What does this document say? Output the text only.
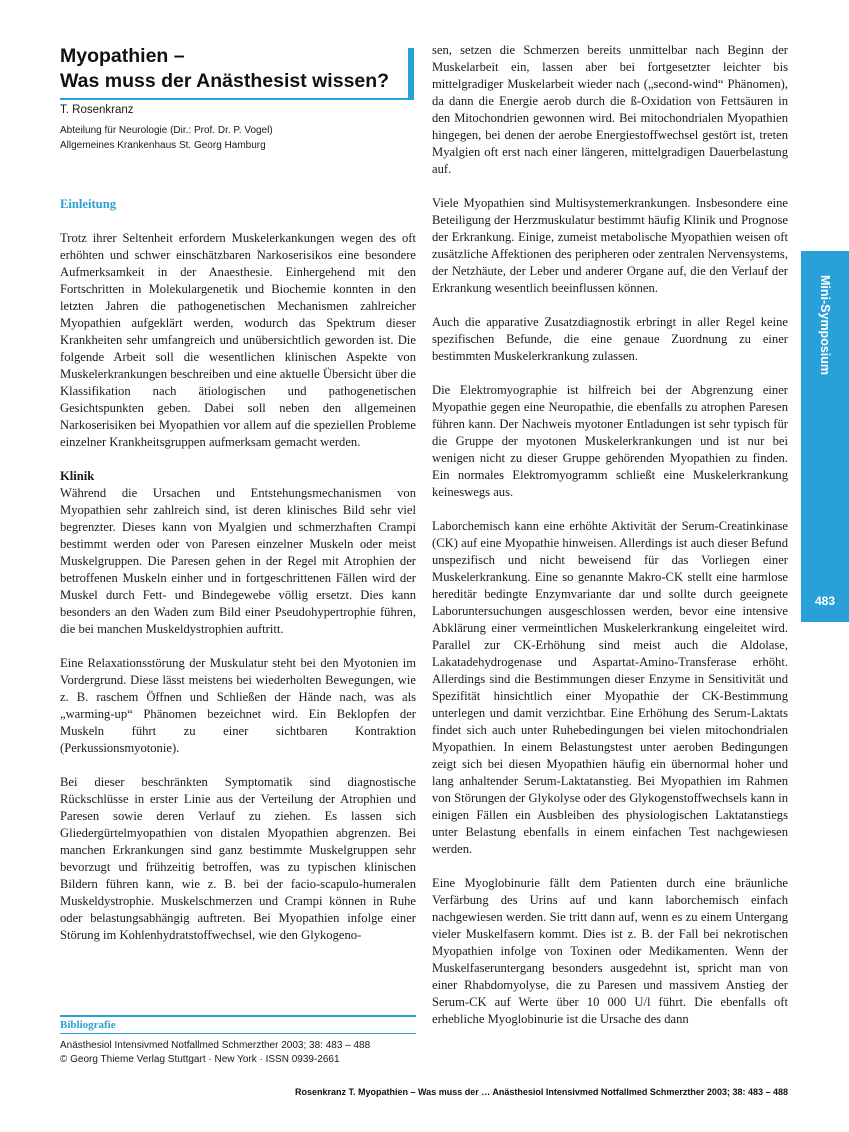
Myopathien –
Was muss der Anästhesist wissen?
T. Rosenkranz
Abteilung für Neurologie (Dir.: Prof. Dr. P. Vogel)
Allgemeines Krankenhaus St. Georg Hamburg
Einleitung

Trotz ihrer Seltenheit erfordern Muskelerkankungen wegen des oft erhöhten und schwer einschätzbaren Narkoserisikos eine besondere Aufmerksamkeit in der Anaesthesie. Einhergehend mit den Fortschritten in Molekulargenetik und Biochemie konnten in den letzten Jahren die pathogenetischen Mechanismen zahlreicher Myopathien aufgeklärt werden, wodurch das Spektrum dieser Krankheiten sehr umfangreich und unübersichtlich geworden ist. Die folgende Arbeit soll die wesentlichen klinischen Aspekte von Muskelerkrankungen beschreiben und eine aktuelle Übersicht über die Klassifikation nach ätiologischen und pathogenetischen Gesichtspunkten geben. Dabei soll neben den allgemeinen Narkoserisiken bei Myopathien vor allem auf die speziellen Probleme einzelner Krankheitsgruppen aufmerksam gemacht werden.

Klinik
Während die Ursachen und Entstehungsmechanismen von Myopathien sehr zahlreich sind, ist deren klinisches Bild sehr viel begrenzter. Dieses kann von Myalgien und schmerzhaften Crampi bestimmt werden oder von Paresen einzelner Muskeln oder meist Muskelgruppen. Die Paresen gehen in der Regel mit Atrophien der betroffenen Muskeln einher und in fortgeschrittenen Fällen wird der Muskel durch Fett- und Bindegewebe völlig ersetzt. Dies kann besonders an den Waden zum Bild einer Pseudohypertrophie führen, die bei manchen Muskeldystrophien auftritt.

Eine Relaxationsstörung der Muskulatur steht bei den Myotonien im Vordergrund. Diese lässt meistens bei wiederholten Bewegungen, wie z. B. raschem Öffnen und Schließen der Hände nach, was als „warming-up“ Phänomen bezeichnet wird. Ein Beklopfen der Muskeln führt zu einer sichtbaren Kontraktion (Perkussionsmyotonie).

Bei dieser beschränkten Symptomatik sind diagnostische Rückschlüsse in erster Linie aus der Verteilung der Atrophien und Paresen sowie deren Verlauf zu ziehen. Es lassen sich Gliedergürtelmyopathien von distalen Myopathien abgrenzen. Bei manchen Erkrankungen sind ganz bestimmte Muskelgruppen sehr bevorzugt und frühzeitig betroffen, was zu typischen klinischen Bildern führen kann, wie z. B. bei der facio-scapulo-humeralen Muskeldystrophie. Muskelschmerzen und Crampi können in Ruhe oder belastungsabhängig auftreten. Bei Myopathien infolge einer Störung im Kohlenhydratstoffwechsel, wie den Glykogeno-

sen, setzen die Schmerzen bereits unmittelbar nach Beginn der Muskelarbeit ein, lassen aber bei fortgesetzter leichter bis mittelgradiger Muskelarbeit wieder nach („second-wind“ Phänomen), da dann die Energie aerob durch die ß-Oxidation von Fettsäuren in den Mitochondrien gewonnen wird. Bei mitochondrialen Myopathien hingegen, bei denen der aerobe Energiestoffwechsel gestört ist, treten Myalgien oft erst nach einer längeren, mittelgradigen Dauerbelastung auf.

Viele Myopathien sind Multisystemerkrankungen. Insbesondere eine Beteiligung der Herzmuskulatur bestimmt häufig Klinik und Prognose der Erkrankung. Einige, zumeist metabolische Myopathien weisen oft zusätzliche Affektionen des peripheren oder zentralen Nervensystems, der Netzhäute, der Leber und anderer Organe auf, die den Verlauf der Erkrankung wesentlich beeinflussen können.

Auch die apparative Zusatzdiagnostik erbringt in aller Regel keine spezifischen Befunde, die eine genaue Zuordnung zu einer bestimmten Muskelerkrankung zulassen.

Die Elektromyographie ist hilfreich bei der Abgrenzung einer Myopathie gegen eine Neuropathie, die ebenfalls zu atrophen Paresen führen kann. Der Nachweis myotoner Entladungen ist sehr typisch für die Gruppe der myotonen Muskelerkrankungen und ist nur bei wenigen nicht zu dieser Gruppe gehörenden Myopathien zu finden. Ein normales Elektromyogramm schließt eine Muskelerkrankung keineswegs aus.

Laborchemisch kann eine erhöhte Aktivität der Serum-Creatinkinase (CK) auf eine Myopathie hinweisen. Allerdings ist auch dieser Befund unspezifisch und nicht beweisend für das Vorliegen einer Muskelerkrankung. Eine so genannte Makro-CK stellt eine harmlose hereditär bedingte Enzymvariante dar und sollte durch geeignete Laboruntersuchungen ausgeschlossen werden, bevor eine intensive Abklärung einer vermeintlichen Muskelerkrankung eingeleitet wird. Parallel zur CK-Erhöhung sind meist auch die Aldolase, Lakatadehydrogenase und Aspartat-Amino-Transferase erhöht. Allerdings sind die Bestimmungen dieser Enzyme in Sensitivität und Spezifität hinsichtlich einer Myopathie der CK-Bestimmung unterlegen und damit verzichtbar. Eine Erhöhung des Serum-Laktats findet sich auch unter Ruhebedingungen bei vielen mitochondrialen Myopathien. In einem Belastungstest unter aeroben Bedingungen zeigt sich bei diesen Myopathien häufig ein übernormal hoher und lang anhaltender Serum-Laktatanstieg. Bei Myopathien im Rahmen von Störungen der Glykolyse oder des Glykogenstoffwechsels kann in einigen Fällen ein Ausbleiben des physiologischen Laktatanstiegs unter Belastung ebenfalls in einem einfachen Test nachgewiesen werden.

Eine Myoglobinurie fällt dem Patienten durch eine bräunliche Verfärbung des Urins auf und kann laborchemisch einfach nachgewiesen werden. Sie tritt dann auf, wenn es zu einem Untergang vieler Muskelfasern kommt. Dies ist z. B. der Fall bei nekrotischen Myopathien infolge von Toxinen oder Medikamenten. Wenn der Muskelfaseruntergang besonders ausgedehnt ist, spricht man von einer Rhabdomyolyse, die zu Paresen und massivem Anstieg der Serum-CK auf Werte über 10 000 U/l führt. Die ebenfalls oft erhebliche Myoglobinurie ist die Ursache des dann

Mini-Symposium
483
Bibliografie
Anästhesiol Intensivmed Notfallmed Schmerzther 2003; 38: 483 – 488
© Georg Thieme Verlag Stuttgart · New York · ISSN 0939-2661
Rosenkranz T. Myopathien – Was muss der … Anästhesiol Intensivmed Notfallmed Schmerzther 2003; 38: 483 – 488
